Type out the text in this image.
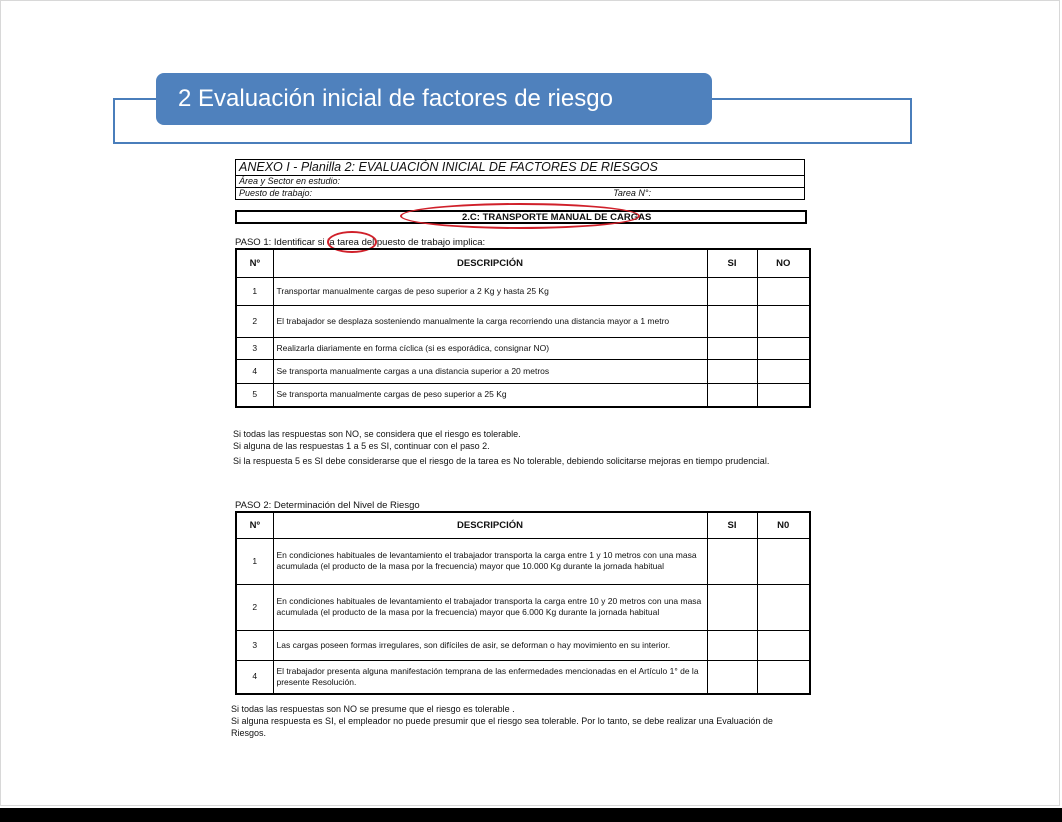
2 Evaluación inicial de factores de riesgo
ANEXO I - Planilla 2: EVALUACIÓN INICIAL DE FACTORES DE RIESGOS
Área y Sector en estudio:
Puesto de trabajo:	Tarea N°:
2.C: TRANSPORTE MANUAL DE CARGAS
PASO 1: Identificar si la tarea del puesto de trabajo implica:
Nº	DESCRIPCIÓN	SI	NO
1	Transportar manualmente cargas de peso superior a 2 Kg y hasta 25 Kg		
2	El trabajador se desplaza sosteniendo manualmente la carga recorriendo una distancia mayor a 1 metro		
3	Realizarla diariamente en forma cíclica (si es esporádica, consignar NO)		
4	Se transporta manualmente cargas a una distancia superior a 20 metros		
5	Se transporta manualmente cargas de peso superior a 25 Kg		
Si todas las respuestas son NO, se considera que el riesgo es tolerable.
Si alguna de las respuestas 1 a 5 es SI, continuar con el paso 2.
Si la respuesta 5 es SI debe considerarse que el riesgo de la tarea es No tolerable, debiendo solicitarse mejoras en tiempo prudencial.
PASO 2: Determinación del Nivel de Riesgo
Nº	DESCRIPCIÓN	SI	N0
1	En condiciones habituales de levantamiento el trabajador transporta la carga entre 1 y 10 metros con una masa acumulada (el producto de la masa por la frecuencia) mayor que 10.000 Kg durante la jornada habitual		
2	En condiciones habituales de levantamiento el trabajador transporta la carga entre 10 y 20 metros con una masa acumulada (el producto de la masa por la frecuencia) mayor que 6.000 Kg durante la jornada habitual		
3	Las cargas poseen formas irregulares, son difíciles de asir, se deforman o hay movimiento en su interior.		
4	El trabajador presenta alguna manifestación temprana de las enfermedades mencionadas en el Artículo 1° de la presente Resolución.		
Si todas las respuestas son NO se presume que el riesgo es tolerable .
Si alguna respuesta es SI, el empleador no puede presumir que el riesgo sea tolerable. Por lo tanto, se debe realizar una Evaluación de Riesgos.
